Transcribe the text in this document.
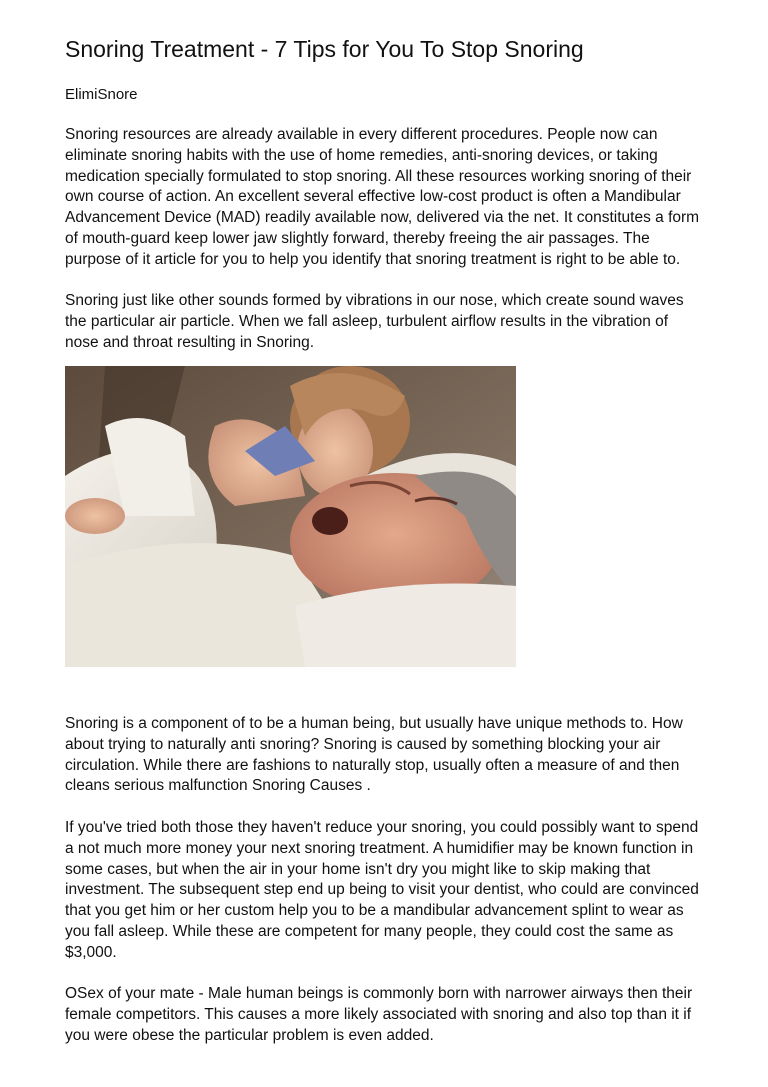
Snoring Treatment - 7 Tips for You To Stop Snoring
ElimiSnore

Snoring resources are already available in every different procedures. People now can eliminate snoring habits with the use of home remedies, anti-snoring devices, or taking medication specially formulated to stop snoring. All these resources working snoring of their own course of action. An excellent several effective low-cost product is often a Mandibular Advancement Device (MAD) readily available now, delivered via the net. It constitutes a form of mouth-guard keep lower jaw slightly forward, thereby freeing the air passages. The purpose of it article for you to help you identify that snoring treatment is right to be able to.

Snoring just like other sounds formed by vibrations in our nose, which create sound waves the particular air particle. When we fall asleep, turbulent airflow results in the vibration of nose and throat resulting in Snoring.

Snoring is a component of to be a human being, but usually have unique methods to. How about trying to naturally anti snoring? Snoring is caused by something blocking your air circulation. While there are fashions to naturally stop, usually often a measure of and then cleans serious malfunction Snoring Causes .

If you've tried both those they haven't reduce your snoring, you could possibly want to spend a not much more money your next snoring treatment. A humidifier may be known function in some cases, but when the air in your home isn't dry you might like to skip making that investment. The subsequent step end up being to visit your dentist, who could are convinced that you get him or her custom help you to be a mandibular advancement splint to wear as you fall asleep. While these are competent for many people, they could cost the same as $3,000.

OSex of your mate - Male human beings is commonly born with narrower airways then their female competitors. This causes a more likely associated with snoring and also top than it if you were obese the particular problem is even added.
